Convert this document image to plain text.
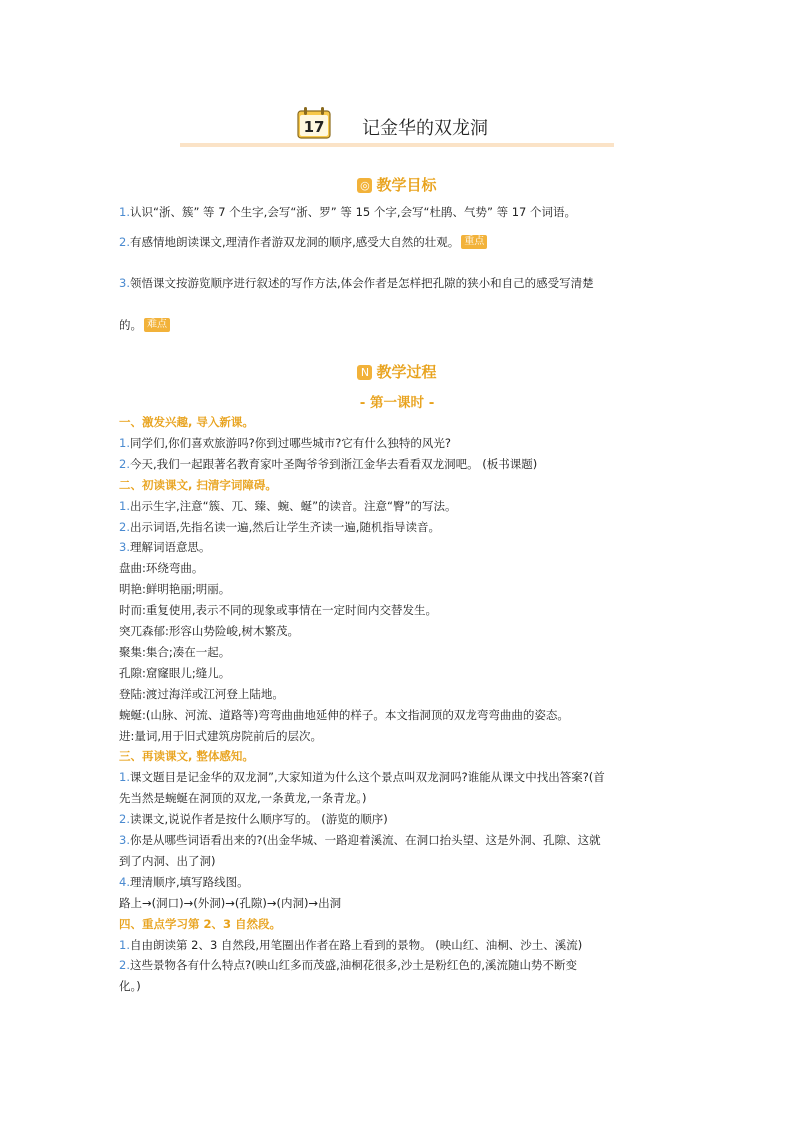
17	记金华的双龙洞
◎ 教学目标
1.认识“浙、簇” 等 7 个生字,会写“浙、罗” 等 15 个字,会写“杜鹃、气势” 等 17 个词语。
2.有感情地朗读课文,理清作者游双龙洞的顺序,感受大自然的壮观。 重点
3.领悟课文按游览顺序进行叙述的写作方法,体会作者是怎样把孔隙的狭小和自己的感受写清楚
的。 难点
N 教学过程
- 第一课时 -
一、激发兴趣, 导入新课。
1.同学们,你们喜欢旅游吗?你到过哪些城市?它有什么独特的风光?
2.今天,我们一起跟著名教育家叶圣陶爷爷到浙江金华去看看双龙洞吧。 (板书课题)
二、初读课文, 扫清字词障碍。
1.出示生字,注意“簇、兀、臻、蜿、蜒”的读音。注意“臀”的写法。
2.出示词语,先指名读一遍,然后让学生齐读一遍,随机指导读音。
3.理解词语意思。
盘曲:环绕弯曲。
明艳:鲜明艳丽;明丽。
时而:重复使用,表示不同的现象或事情在一定时间内交替发生。
突兀森郁:形容山势险峻,树木繁茂。
聚集:集合;凑在一起。
孔隙:窟窿眼儿;缝儿。
登陆:渡过海洋或江河登上陆地。
蜿蜒:(山脉、河流、道路等)弯弯曲曲地延伸的样子。本文指洞顶的双龙弯弯曲曲的姿态。
进:量词,用于旧式建筑房院前后的层次。
三、再读课文, 整体感知。
1.课文题目是记金华的双龙洞”,大家知道为什么这个景点叫双龙洞吗?谁能从课文中找出答案?(首
先当然是蜿蜒在洞顶的双龙,一条黄龙,一条青龙。)
2.读课文,说说作者是按什么顺序写的。 (游览的顺序)
3.你是从哪些词语看出来的?(出金华城、一路迎着溪流、在洞口抬头望、这是外洞、孔隙、这就
到了内洞、出了洞)
4.理清顺序,填写路线图。
路上→(洞口)→(外洞)→(孔隙)→(内洞)→出洞
四、重点学习第 2、3 自然段。
1.自由朗读第 2、3 自然段,用笔圈出作者在路上看到的景物。 (映山红、油桐、沙土、溪流)
2.这些景物各有什么特点?(映山红多而茂盛,油桐花很多,沙土是粉红色的,溪流随山势不断变
化。)
